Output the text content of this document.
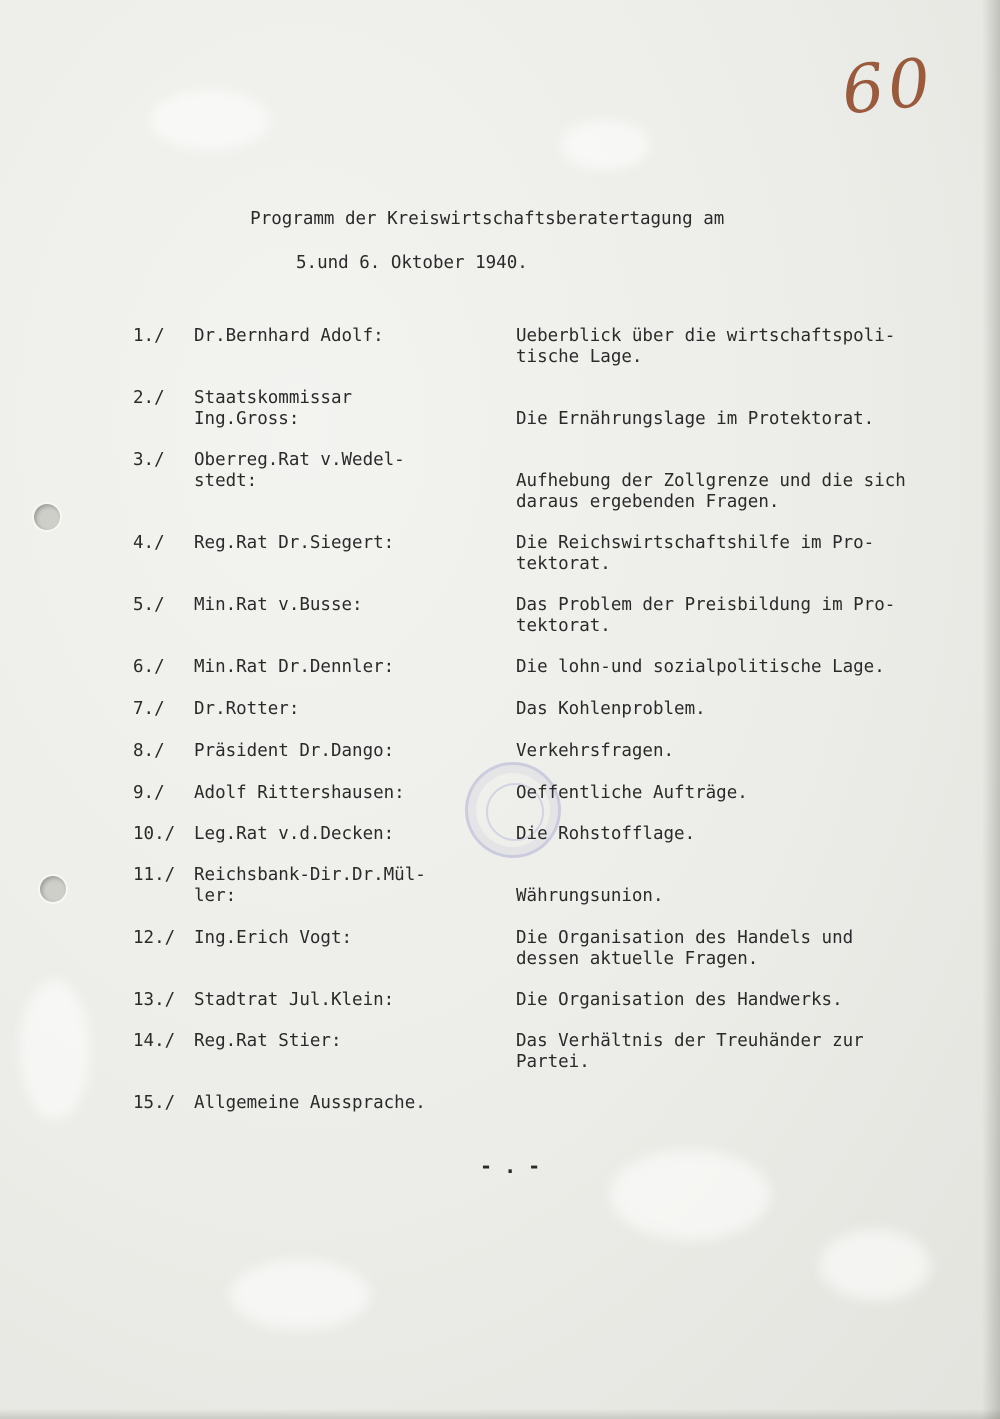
60

Programm der Kreiswirtschaftsberatertagung am

5.und 6. Oktober 1940.

1./ Dr.Bernhard Adolf:	Ueberblick über die wirtschaftspoli-
tische Lage.
2./ Staatskommissar
Ing.Gross:	Die Ernährungslage im Protektorat.
3./ Oberreg.Rat v.Wedel-
stedt:	Aufhebung der Zollgrenze und die sich
daraus ergebenden Fragen.
4./ Reg.Rat Dr.Siegert:	Die Reichswirtschaftshilfe im Pro-
tektorat.
5./ Min.Rat v.Busse:	Das Problem der Preisbildung im Pro-
tektorat.
6./ Min.Rat Dr.Dennler:	Die lohn-und sozialpolitische Lage.
7./ Dr.Rotter:	Das Kohlenproblem.
8./ Präsident Dr.Dango:	Verkehrsfragen.
9./ Adolf Rittershausen:	Oeffentliche Aufträge.
10./ Leg.Rat v.d.Decken:	Die Rohstofflage.
11./ Reichsbank-Dir.Dr.Mül-
ler:	Währungsunion.
12./ Ing.Erich Vogt:	Die Organisation des Handels und
dessen aktuelle Fragen.
13./ Stadtrat Jul.Klein:	Die Organisation des Handwerks.
14./ Reg.Rat Stier:	Das Verhältnis der Treuhänder zur
Partei.
15./ Allgemeine Aussprache.
- . -
